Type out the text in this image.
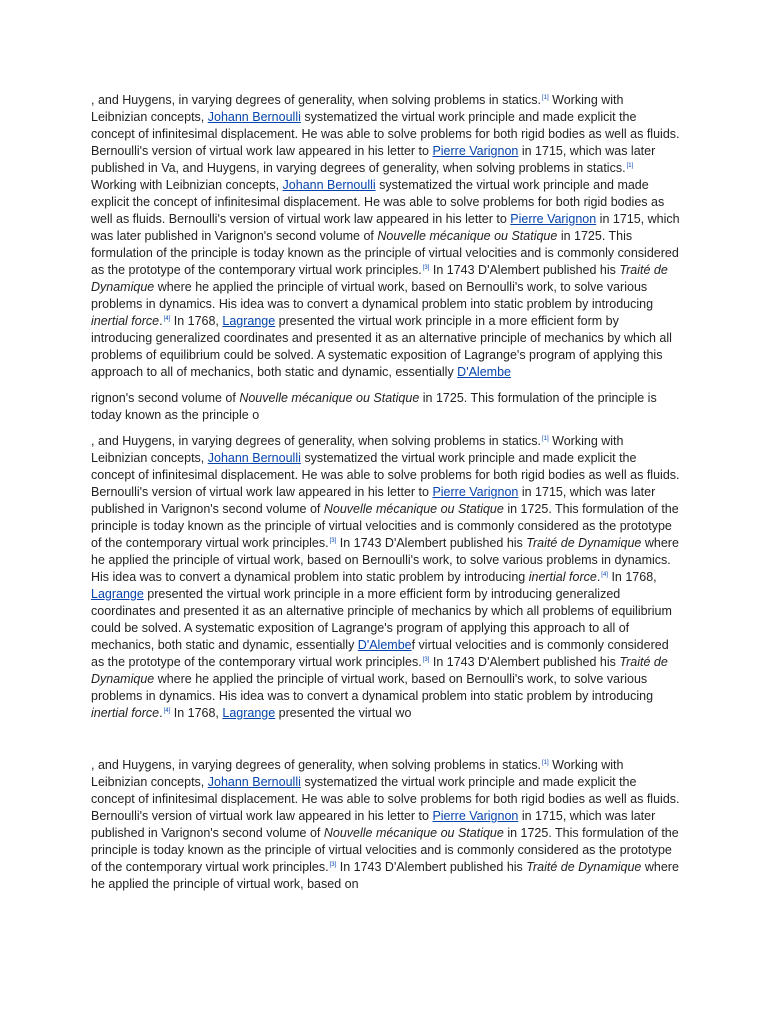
, and Huygens, in varying degrees of generality, when solving problems in statics.[1] Working with Leibnizian concepts, Johann Bernoulli systematized the virtual work principle and made explicit the concept of infinitesimal displacement. He was able to solve problems for both rigid bodies as well as fluids. Bernoulli's version of virtual work law appeared in his letter to Pierre Varignon in 1715, which was later published in Va, and Huygens, in varying degrees of generality, when solving problems in statics.[1] Working with Leibnizian concepts, Johann Bernoulli systematized the virtual work principle and made explicit the concept of infinitesimal displacement. He was able to solve problems for both rigid bodies as well as fluids. Bernoulli's version of virtual work law appeared in his letter to Pierre Varignon in 1715, which was later published in Varignon's second volume of Nouvelle mécanique ou Statique in 1725. This formulation of the principle is today known as the principle of virtual velocities and is commonly considered as the prototype of the contemporary virtual work principles.[3] In 1743 D'Alembert published his Traité de Dynamique where he applied the principle of virtual work, based on Bernoulli's work, to solve various problems in dynamics. His idea was to convert a dynamical problem into static problem by introducing inertial force.[4] In 1768, Lagrange presented the virtual work principle in a more efficient form by introducing generalized coordinates and presented it as an alternative principle of mechanics by which all problems of equilibrium could be solved. A systematic exposition of Lagrange's program of applying this approach to all of mechanics, both static and dynamic, essentially D'Alembe

rignon's second volume of Nouvelle mécanique ou Statique in 1725. This formulation of the principle is today known as the principle o

, and Huygens, in varying degrees of generality, when solving problems in statics.[1] Working with Leibnizian concepts, Johann Bernoulli systematized the virtual work principle and made explicit the concept of infinitesimal displacement. He was able to solve problems for both rigid bodies as well as fluids. Bernoulli's version of virtual work law appeared in his letter to Pierre Varignon in 1715, which was later published in Varignon's second volume of Nouvelle mécanique ou Statique in 1725. This formulation of the principle is today known as the principle of virtual velocities and is commonly considered as the prototype of the contemporary virtual work principles.[3] In 1743 D'Alembert published his Traité de Dynamique where he applied the principle of virtual work, based on Bernoulli's work, to solve various problems in dynamics. His idea was to convert a dynamical problem into static problem by introducing inertial force.[4] In 1768, Lagrange presented the virtual work principle in a more efficient form by introducing generalized coordinates and presented it as an alternative principle of mechanics by which all problems of equilibrium could be solved. A systematic exposition of Lagrange's program of applying this approach to all of mechanics, both static and dynamic, essentially D'Alembef virtual velocities and is commonly considered as the prototype of the contemporary virtual work principles.[3] In 1743 D'Alembert published his Traité de Dynamique where he applied the principle of virtual work, based on Bernoulli's work, to solve various problems in dynamics. His idea was to convert a dynamical problem into static problem by introducing inertial force.[4] In 1768, Lagrange presented the virtual wo

, and Huygens, in varying degrees of generality, when solving problems in statics.[1] Working with Leibnizian concepts, Johann Bernoulli systematized the virtual work principle and made explicit the concept of infinitesimal displacement. He was able to solve problems for both rigid bodies as well as fluids. Bernoulli's version of virtual work law appeared in his letter to Pierre Varignon in 1715, which was later published in Varignon's second volume of Nouvelle mécanique ou Statique in 1725. This formulation of the principle is today known as the principle of virtual velocities and is commonly considered as the prototype of the contemporary virtual work principles.[3] In 1743 D'Alembert published his Traité de Dynamique where he applied the principle of virtual work, based on
